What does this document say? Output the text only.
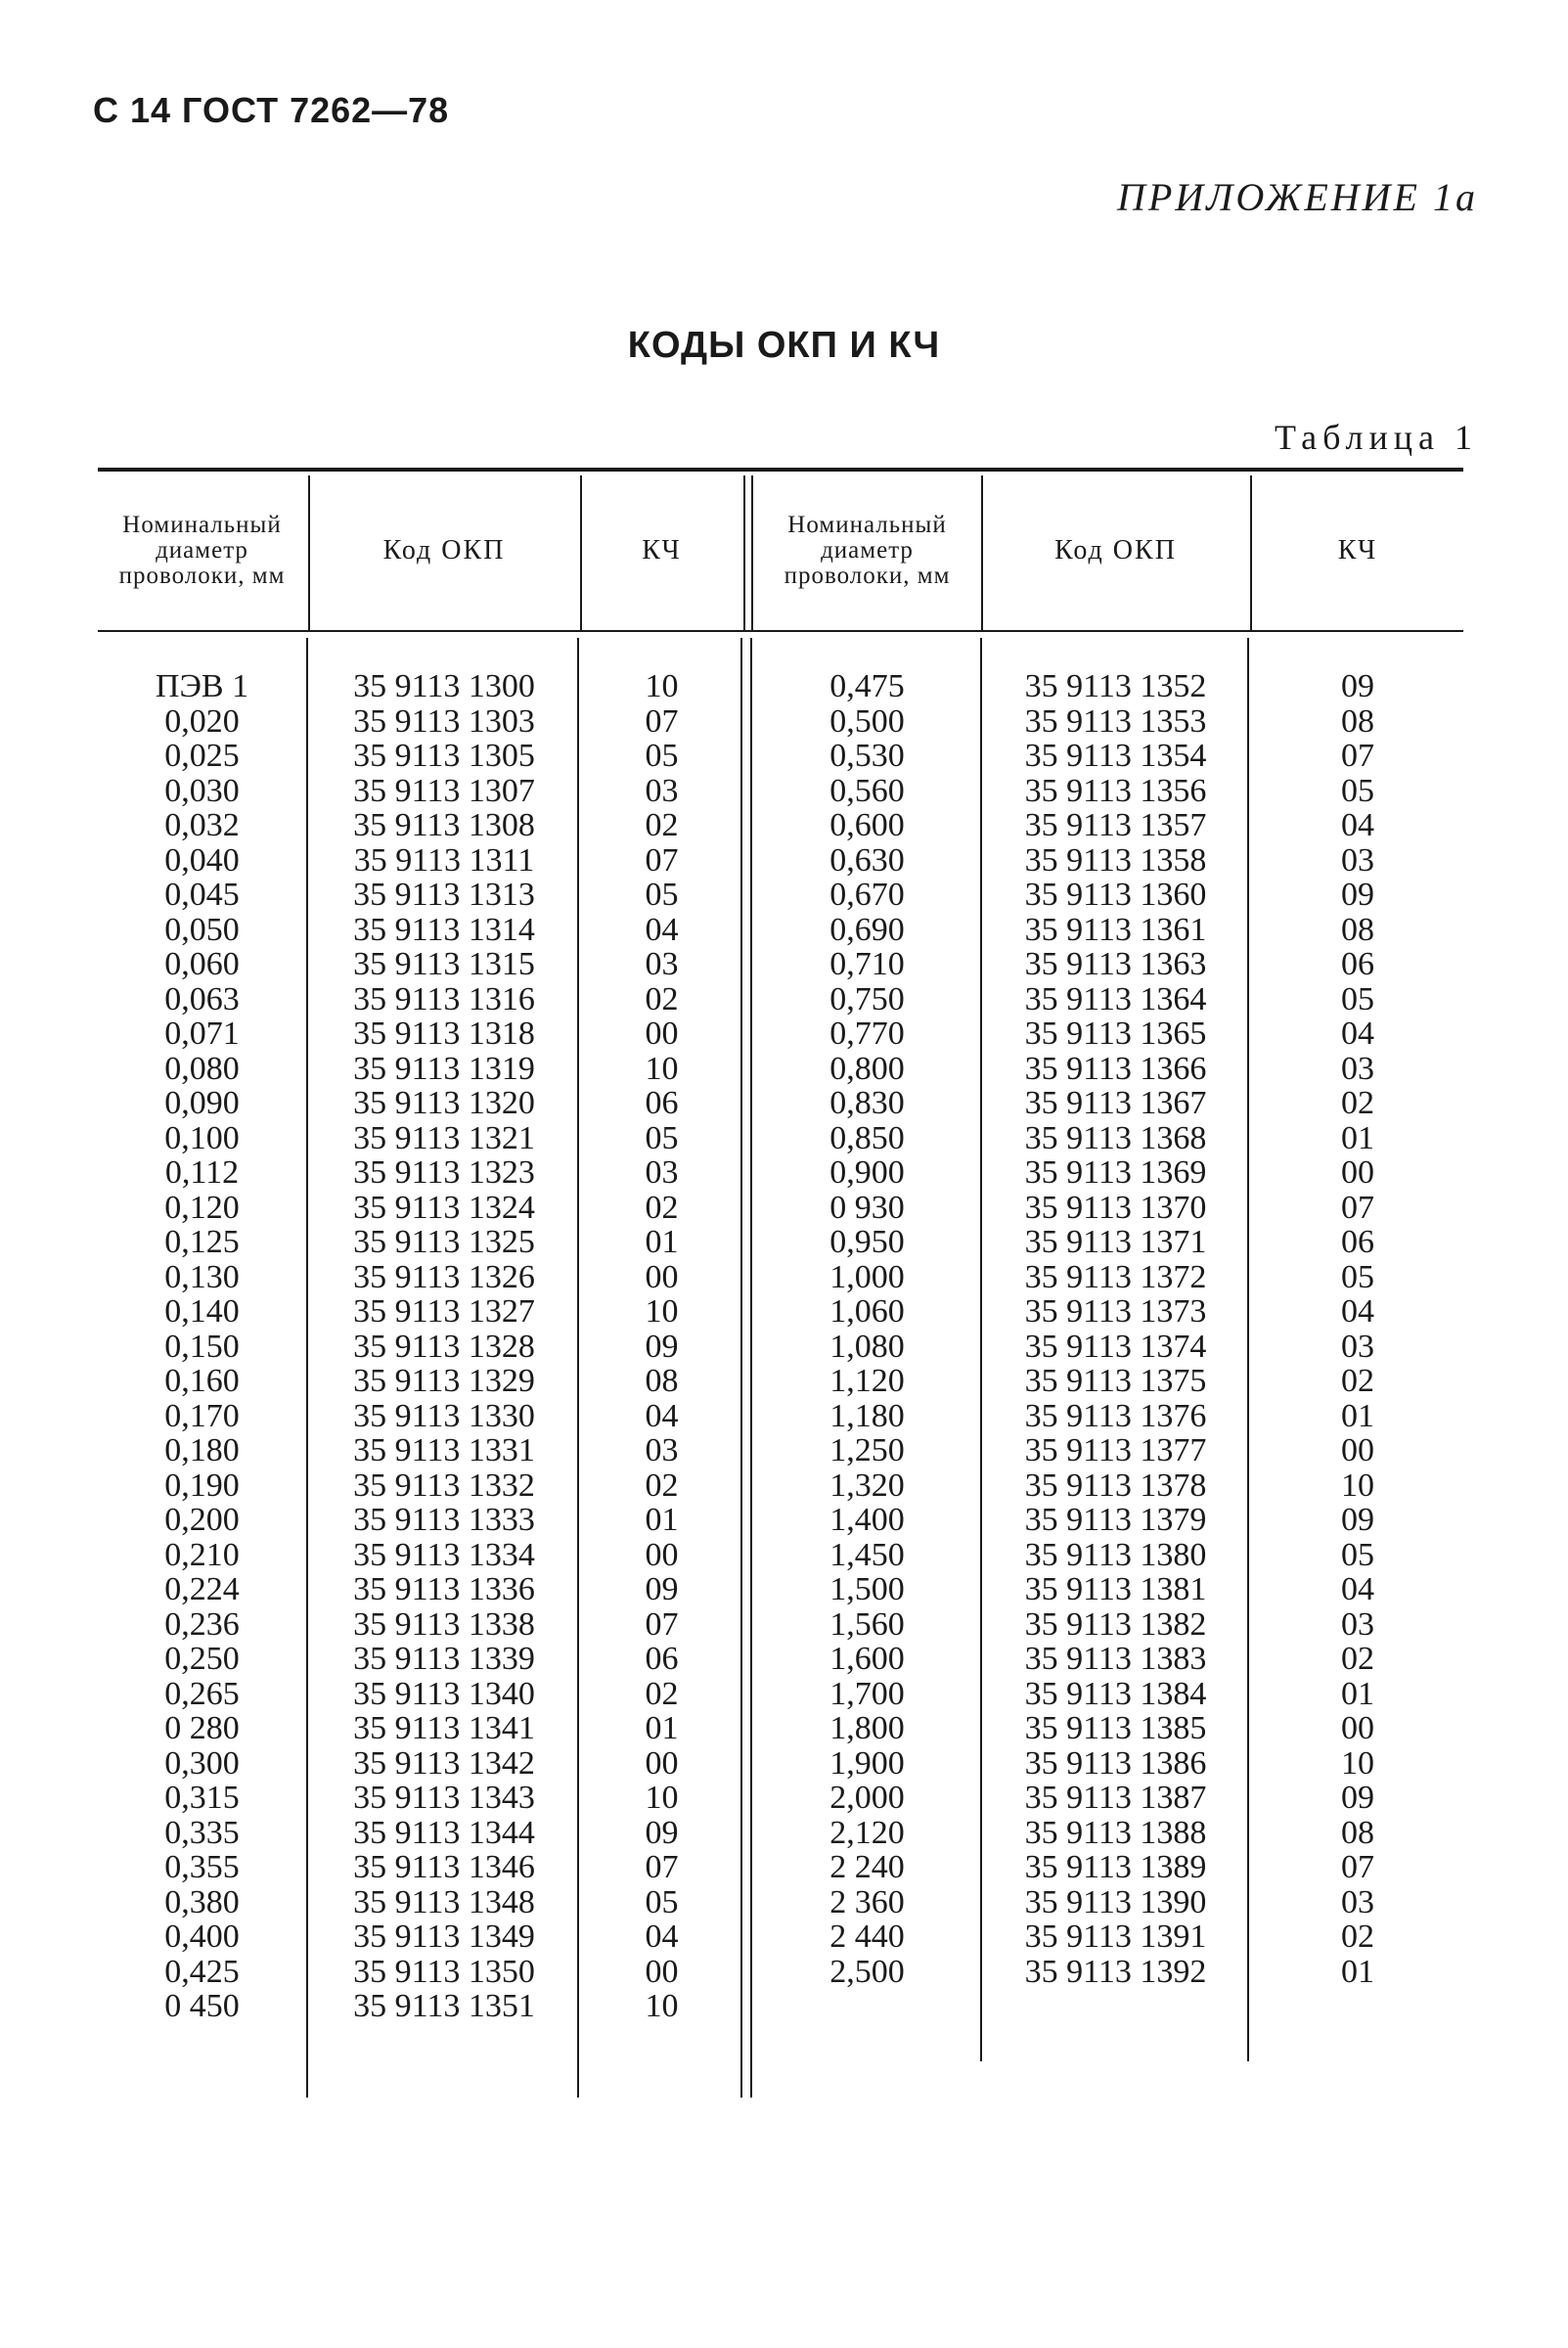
С 14 ГОСТ 7262—78
ПРИЛОЖЕНИЕ 1а
КОДЫ ОКП И КЧ
Таблица 1
Номинальный диаметр проволоки, мм
Код ОКП	КЧ
Номинальный диаметр проволоки, мм
Код ОКП	КЧ
ПЭВ 1
0,020
0,025
0,030
0,032
0,040
0,045
0,050
0,060
0,063
0,071
0,080
0,090
0,100
0,112
0,120
0,125
0,130
0,140
0,150
0,160
0,170
0,180
0,190
0,200
0,210
0,224
0,236
0,250
0,265
0 280
0,300
0,315
0,335
0,355
0,380
0,400
0,425
0 450
35 9113 1300
35 9113 1303
35 9113 1305
35 9113 1307
35 9113 1308
35 9113 1311
35 9113 1313
35 9113 1314
35 9113 1315
35 9113 1316
35 9113 1318
35 9113 1319
35 9113 1320
35 9113 1321
35 9113 1323
35 9113 1324
35 9113 1325
35 9113 1326
35 9113 1327
35 9113 1328
35 9113 1329
35 9113 1330
35 9113 1331
35 9113 1332
35 9113 1333
35 9113 1334
35 9113 1336
35 9113 1338
35 9113 1339
35 9113 1340
35 9113 1341
35 9113 1342
35 9113 1343
35 9113 1344
35 9113 1346
35 9113 1348
35 9113 1349
35 9113 1350
35 9113 1351
10
07
05
03
02
07
05
04
03
02
00
10
06
05
03
02
01
00
10
09
08
04
03
02
01
00
09
07
06
02
01
00
10
09
07
05
04
00
10
0,475
0,500
0,530
0,560
0,600
0,630
0,670
0,690
0,710
0,750
0,770
0,800
0,830
0,850
0,900
0 930
0,950
1,000
1,060
1,080
1,120
1,180
1,250
1,320
1,400
1,450
1,500
1,560
1,600
1,700
1,800
1,900
2,000
2,120
2 240
2 360
2 440
2,500
35 9113 1352
35 9113 1353
35 9113 1354
35 9113 1356
35 9113 1357
35 9113 1358
35 9113 1360
35 9113 1361
35 9113 1363
35 9113 1364
35 9113 1365
35 9113 1366
35 9113 1367
35 9113 1368
35 9113 1369
35 9113 1370
35 9113 1371
35 9113 1372
35 9113 1373
35 9113 1374
35 9113 1375
35 9113 1376
35 9113 1377
35 9113 1378
35 9113 1379
35 9113 1380
35 9113 1381
35 9113 1382
35 9113 1383
35 9113 1384
35 9113 1385
35 9113 1386
35 9113 1387
35 9113 1388
35 9113 1389
35 9113 1390
35 9113 1391
35 9113 1392
09
08
07
05
04
03
09
08
06
05
04
03
02
01
00
07
06
05
04
03
02
01
00
10
09
05
04
03
02
01
00
10
09
08
07
03
02
01
